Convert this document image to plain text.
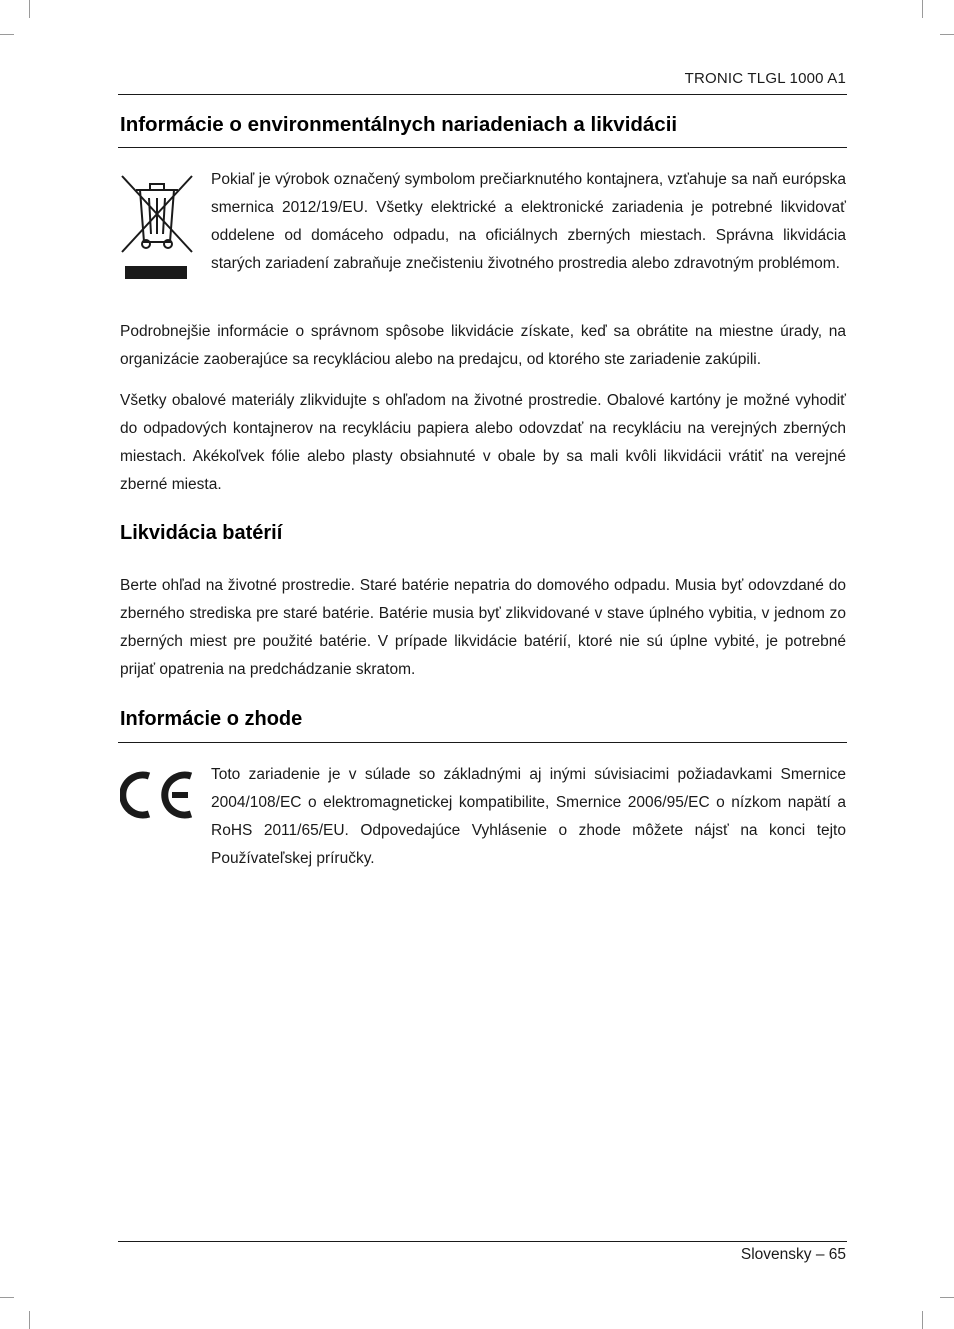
TRONIC TLGL 1000 A1
Informácie o environmentálnych nariadeniach a likvidácii

Pokiaľ je výrobok označený symbolom prečiarknutého kontajnera, vzťahuje sa naň európska smernica 2012/19/EU. Všetky elektrické a elektronické zariadenia je potrebné likvidovať oddelene od domáceho odpadu, na oficiálnych zberných miestach. Správna likvidácia starých zariadení zabraňuje znečisteniu životného prostredia alebo zdravotným problémom.

Podrobnejšie informácie o správnom spôsobe likvidácie získate, keď sa obrátite na miestne úrady, na organizácie zaoberajúce sa recykláciou alebo na predajcu, od ktorého ste zariadenie zakúpili.

Všetky obalové materiály zlikvidujte s ohľadom na životné prostredie. Obalové kartóny je možné vyhodiť do odpadových kontajnerov na recykláciu papiera alebo odovzdať na recykláciu na verejných zberných miestach. Akékoľvek fólie alebo plasty obsiahnuté v obale by sa mali kvôli likvidácii vrátiť na verejné zberné miesta.

Likvidácia batérií

Berte ohľad na životné prostredie. Staré batérie nepatria do domového odpadu. Musia byť odovzdané do zberného strediska pre staré batérie. Batérie musia byť zlikvidované v stave úplného vybitia, v jednom zo zberných miest pre použité batérie. V prípade likvidácie batérií, ktoré nie sú úplne vybité, je potrebné prijať opatrenia na predchádzanie skratom.

Informácie o zhode

Toto zariadenie je v súlade so základnými aj inými súvisiacimi požiadavkami Smernice 2004/108/EC o elektromagnetickej kompatibilite, Smernice 2006/95/EC o nízkom napätí a RoHS 2011/65/EU. Odpovedajúce Vyhlásenie o zhode môžete nájsť na konci tejto Používateľskej príručky.

Slovensky – 65
